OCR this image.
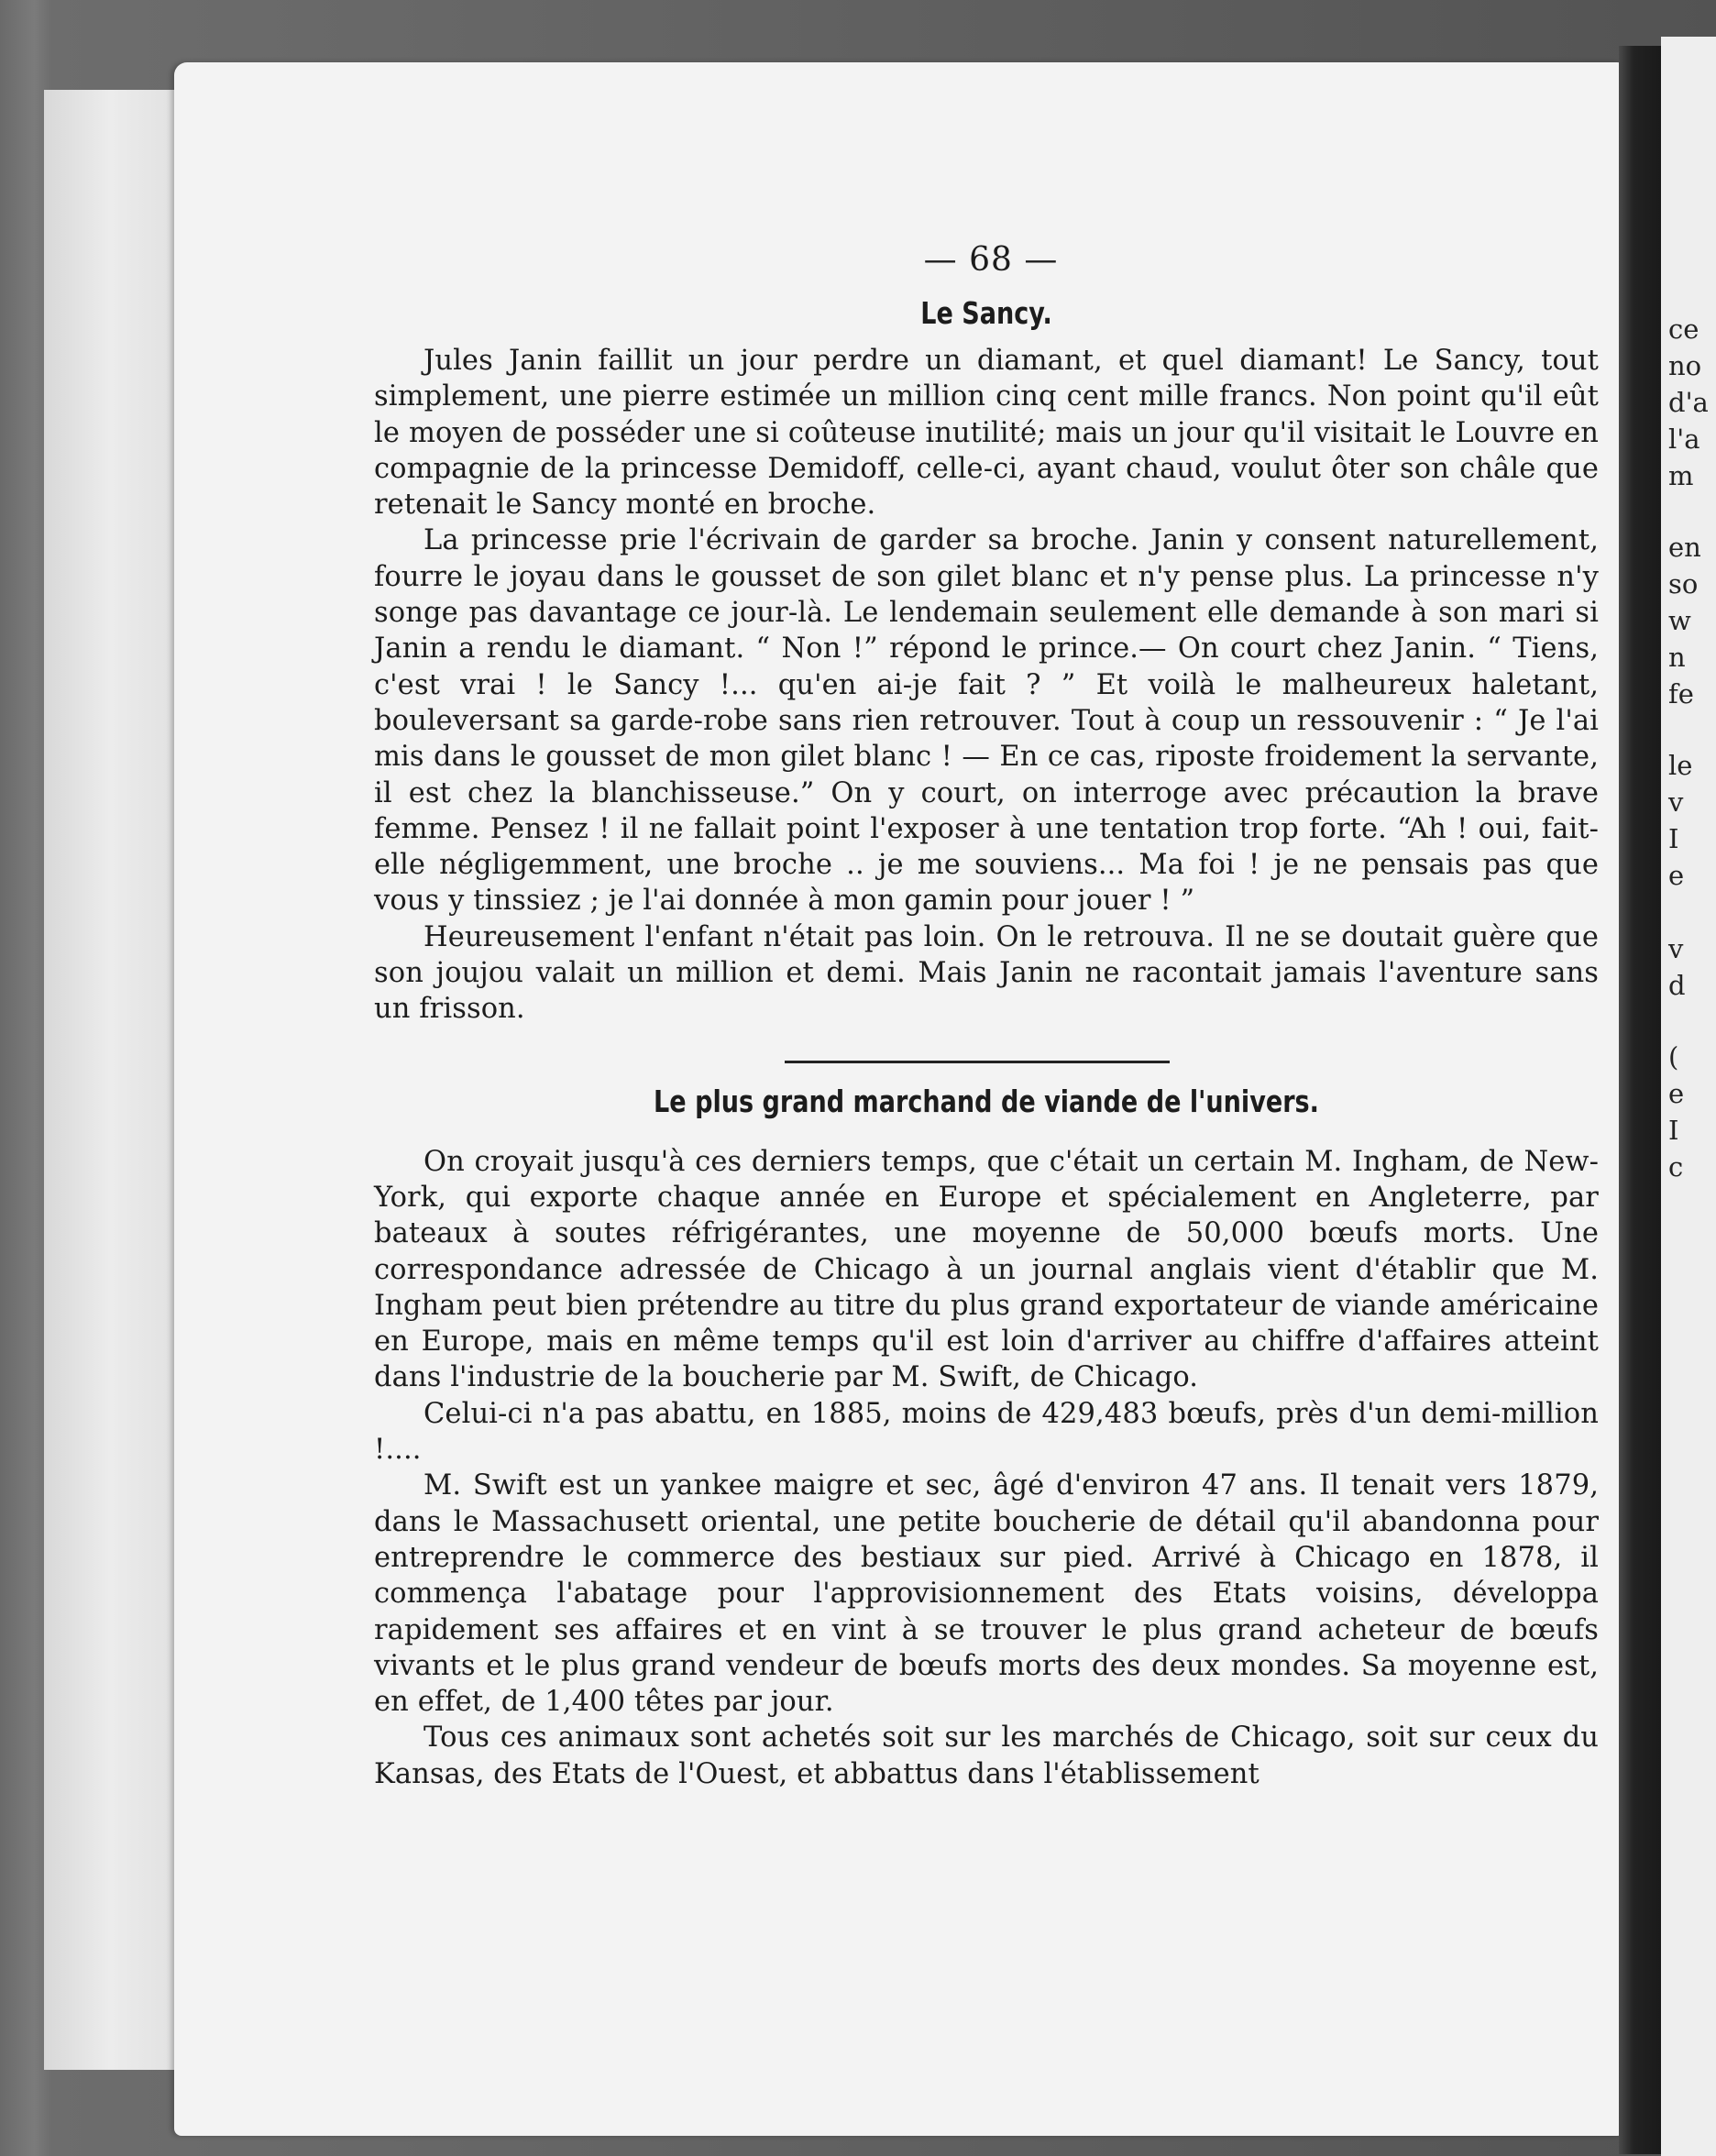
ce
no
d'a
l'a
m
en
so
w
n
fe
le
v
I
e
v
d
(
e
I
c
— 68 —
Le Sancy.

Jules Janin faillit un jour perdre un diamant, et quel diamant! Le Sancy, tout simplement, une pierre estimée un million cinq cent mille francs. Non point qu'il eût le moyen de posséder une si coûteuse inutilité; mais un jour qu'il visitait le Louvre en compagnie de la princesse Demidoff, celle-ci, ayant chaud, voulut ôter son châle que retenait le Sancy monté en broche.

La princesse prie l'écrivain de garder sa broche. Janin y consent naturellement, fourre le joyau dans le gousset de son gilet blanc et n'y pense plus. La princesse n'y songe pas davantage ce jour-là. Le lendemain seulement elle demande à son mari si Janin a rendu le diamant. “ Non !” répond le prince.— On court chez Janin. “ Tiens, c'est vrai ! le Sancy !... qu'en ai-je fait ? ” Et voilà le malheureux haletant, bouleversant sa garde-robe sans rien retrouver. Tout à coup un ressouvenir : “ Je l'ai mis dans le gousset de mon gilet blanc ! — En ce cas, riposte froidement la servante, il est chez la blanchisseuse.” On y court, on interroge avec précaution la brave femme. Pensez ! il ne fallait point l'exposer à une tentation trop forte. “Ah ! oui, fait-elle négligemment, une broche .. je me souviens... Ma foi ! je ne pensais pas que vous y tinssiez ; je l'ai donnée à mon gamin pour jouer ! ”

Heureusement l'enfant n'était pas loin. On le retrouva. Il ne se doutait guère que son joujou valait un million et demi. Mais Janin ne racontait jamais l'aventure sans un frisson.

Le plus grand marchand de viande de l'univers.

On croyait jusqu'à ces derniers temps, que c'était un certain M. Ingham, de New-York, qui exporte chaque année en Europe et spécialement en Angleterre, par bateaux à soutes réfrigérantes, une moyenne de 50,000 bœufs morts. Une correspondance adressée de Chicago à un journal anglais vient d'établir que M. Ingham peut bien prétendre au titre du plus grand exportateur de viande américaine en Europe, mais en même temps qu'il est loin d'arriver au chiffre d'affaires atteint dans l'industrie de la boucherie par M. Swift, de Chicago.

Celui-ci n'a pas abattu, en 1885, moins de 429,483 bœufs, près d'un demi-million !....

M. Swift est un yankee maigre et sec, âgé d'environ 47 ans. Il tenait vers 1879, dans le Massachusett oriental, une petite boucherie de détail qu'il abandonna pour entreprendre le commerce des bestiaux sur pied. Arrivé à Chicago en 1878, il commença l'abatage pour l'approvisionnement des Etats voisins, développa rapidement ses affaires et en vint à se trouver le plus grand acheteur de bœufs vivants et le plus grand vendeur de bœufs morts des deux mondes. Sa moyenne est, en effet, de 1,400 têtes par jour.

Tous ces animaux sont achetés soit sur les marchés de Chicago, soit sur ceux du Kansas, des Etats de l'Ouest, et abbattus dans l'établissement
